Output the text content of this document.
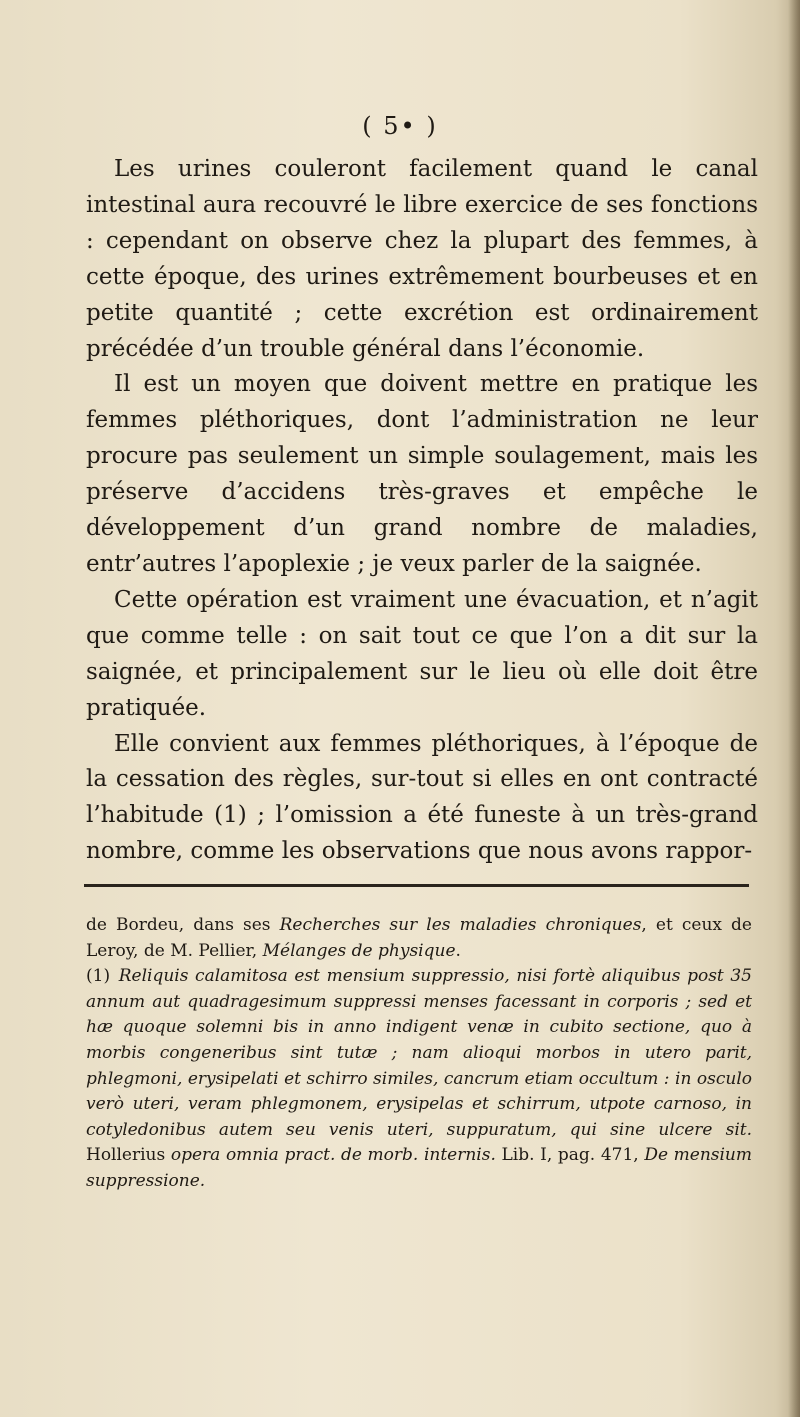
( 5• )

Les urines couleront facilement quand le canal intestinal aura recouvré le libre exercice de ses fonctions : cependant on observe chez la plupart des femmes, à cette époque, des urines extrêmement bourbeuses et en petite quantité ; cette excrétion est ordinairement précédée d’un trouble général dans l’économie.

Il est un moyen que doivent mettre en pratique les femmes pléthoriques, dont l’administration ne leur procure pas seulement un simple soulagement, mais les préserve d’accidens très-graves et empêche le développement d’un grand nombre de maladies, entr’autres l’apoplexie ; je veux parler de la saignée.

Cette opération est vraiment une évacuation, et n’agit que comme telle : on sait tout ce que l’on a dit sur la saignée, et principalement sur le lieu où elle doit être pratiquée.

Elle convient aux femmes pléthoriques, à l’époque de la cessation des règles, sur-tout si elles en ont contracté l’habitude (1) ; l’omission a été funeste à un très-grand nombre, comme les observations que nous avons rappor-

de Bordeu, dans ses Recherches sur les maladies chroniques, et ceux de Leroy, de M. Pellier, Mélanges de physique.

(1) Reliquis calamitosa est mensium suppressio, nisi fortè aliquibus post 35 annum aut quadragesimum suppressi menses facessant in corporis ; sed et hæ quoque solemni bis in anno indigent venæ in cubito sectione, quo à morbis congeneribus sint tutæ ; nam alioqui morbos in utero parit, phlegmoni, erysipelati et schirro similes, cancrum etiam occultum : in osculo verò uteri, veram phlegmonem, erysipelas et schirrum, utpote carnoso, in cotyledonibus autem seu venis uteri, suppuratum, qui sine ulcere sit. Hollerius opera omnia pract. de morb. internis. Lib. I, pag. 471, De mensium suppressione.
